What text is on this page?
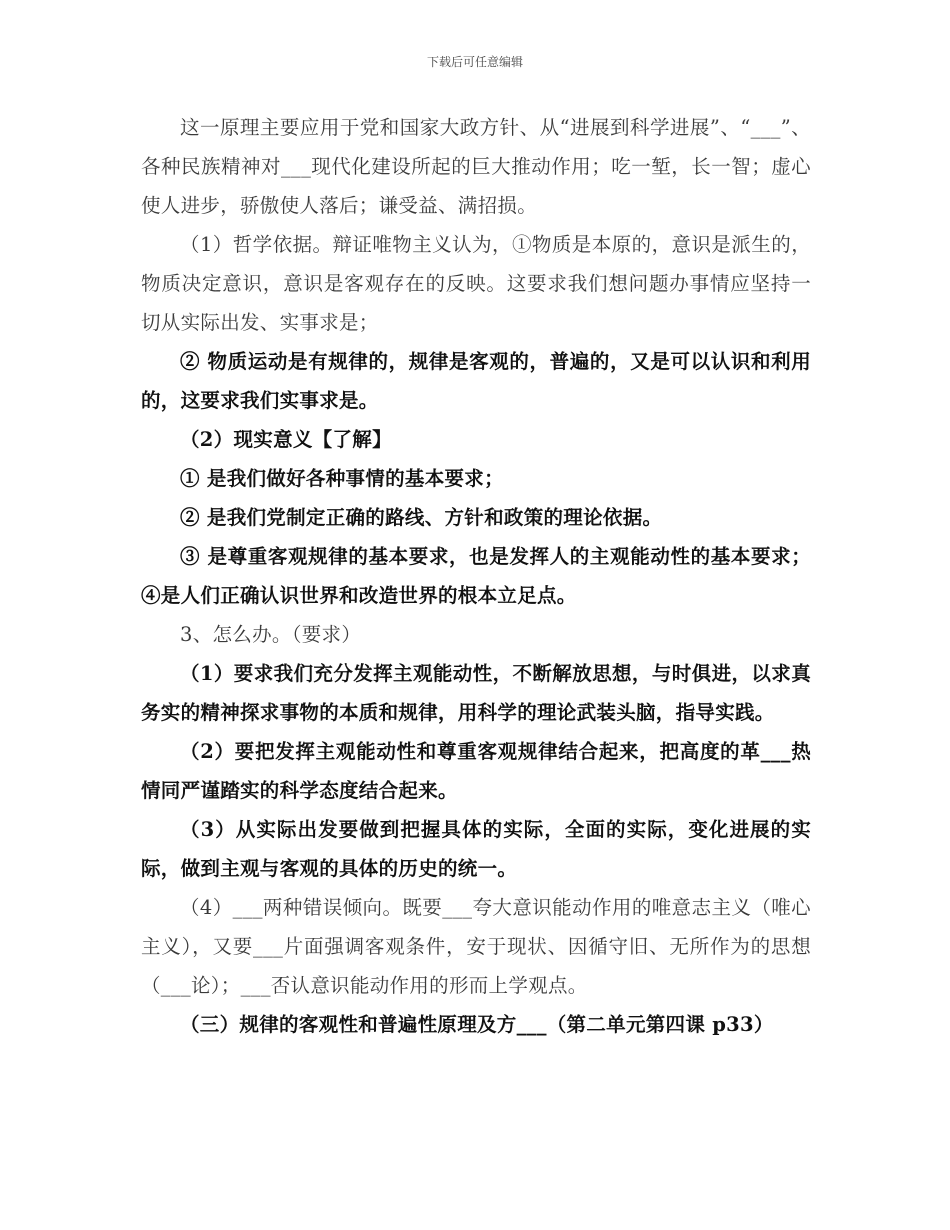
下载后可任意编辑

这一原理主要应用于党和国家大政方针、从“进展到科学进展”、“___”、各种民族精神对___现代化建设所起的巨大推动作用；吃一堑，长一智；虚心使人进步，骄傲使人落后；谦受益、满招损。

（1）哲学依据。辩证唯物主义认为，①物质是本原的，意识是派生的，物质决定意识，意识是客观存在的反映。这要求我们想问题办事情应坚持一切从实际出发、实事求是；

② 物质运动是有规律的，规律是客观的，普遍的，又是可以认识和利用的，这要求我们实事求是。

（2）现实意义【了解】

① 是我们做好各种事情的基本要求；

② 是我们党制定正确的路线、方针和政策的理论依据。

③ 是尊重客观规律的基本要求，也是发挥人的主观能动性的基本要求；④是人们正确认识世界和改造世界的根本立足点。

3、怎么办。（要求）

（1）要求我们充分发挥主观能动性，不断解放思想，与时俱进，以求真务实的精神探求事物的本质和规律，用科学的理论武装头脑，指导实践。

（2）要把发挥主观能动性和尊重客观规律结合起来，把高度的革___热情同严谨踏实的科学态度结合起来。

（3）从实际出发要做到把握具体的实际，全面的实际，变化进展的实际，做到主观与客观的具体的历史的统一。

（4）___两种错误倾向。既要___夸大意识能动作用的唯意志主义（唯心主义），又要___片面强调客观条件，安于现状、因循守旧、无所作为的思想（___论）；___否认意识能动作用的形而上学观点。

（三）规律的客观性和普遍性原理及方___（第二单元第四课 p33）
